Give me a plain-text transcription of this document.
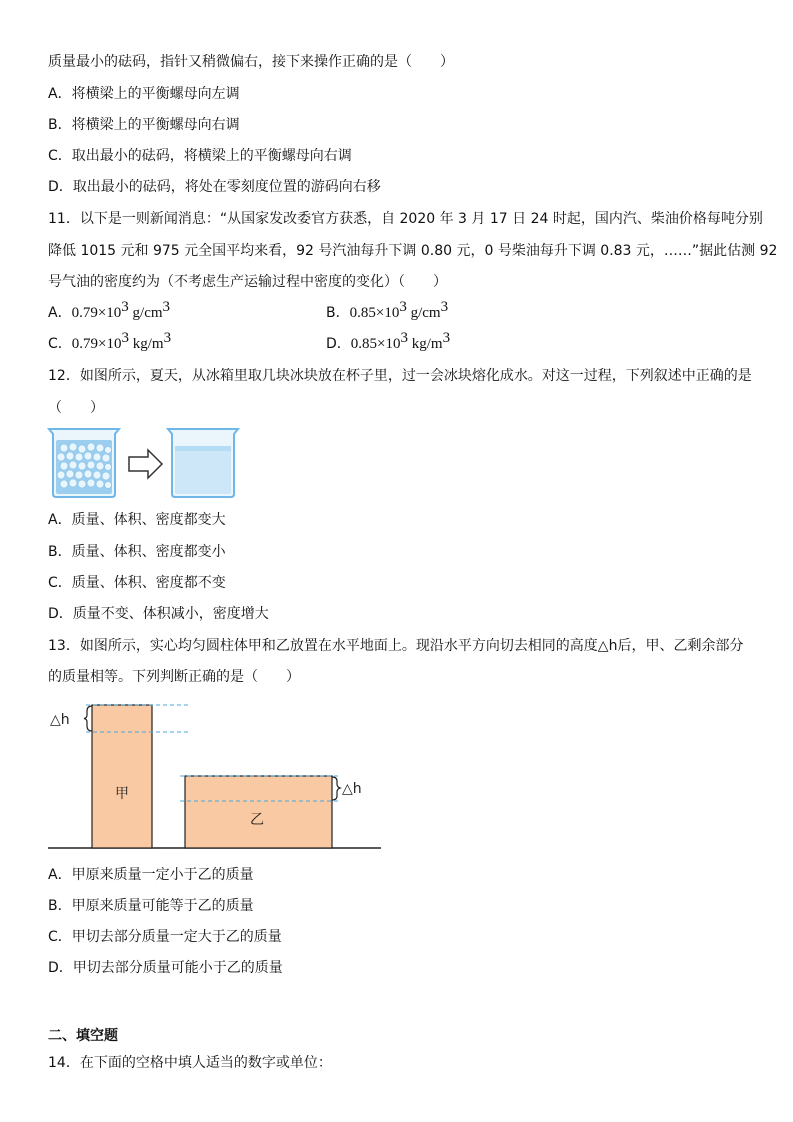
质量最小的砝码，指针又稍微偏右，接下来操作正确的是（　　）
A．将横梁上的平衡螺母向左调
B．将横梁上的平衡螺母向右调
C．取出最小的砝码，将横梁上的平衡螺母向右调
D．取出最小的砝码，将处在零刻度位置的游码向右移
11．以下是一则新闻消息：“从国家发改委官方获悉，自 2020 年 3 月 17 日 24 时起，国内汽、柴油价格每吨分别
降低 1015 元和 975 元全国平均来看，92 号汽油每升下调 0.80 元，0 号柴油每升下调 0.83 元，……”据此估测 92
号气油的密度约为（不考虑生产运输过程中密度的变化）（　　）
A．$0.79\times 10^3$ $g/cm^3$	B．$0.85\times 10^3$ $g/cm^3$
C．$0.79\times 10^3$ $kg/m^3$	D．$0.85\times 10^3$ $kg/m^3$
12．如图所示，夏天，从冰箱里取几块冰块放在杯子里，过一会冰块熔化成水。对这一过程，下列叙述中正确的是
（　　）
A．质量、体积、密度都变大
B．质量、体积、密度都变小
C．质量、体积、密度都不变
D．质量不变、体积减小，密度增大
13．如图所示，实心均匀圆柱体甲和乙放置在水平地面上。现沿水平方向切去相同的高度△h后，甲、乙剩余部分
的质量相等。下列判断正确的是（　　）
△h
甲	△h
乙
A．甲原来质量一定小于乙的质量
B．甲原来质量可能等于乙的质量
C．甲切去部分质量一定大于乙的质量
D．甲切去部分质量可能小于乙的质量
二、填空题
14．在下面的空格中填人适当的数字或单位：
